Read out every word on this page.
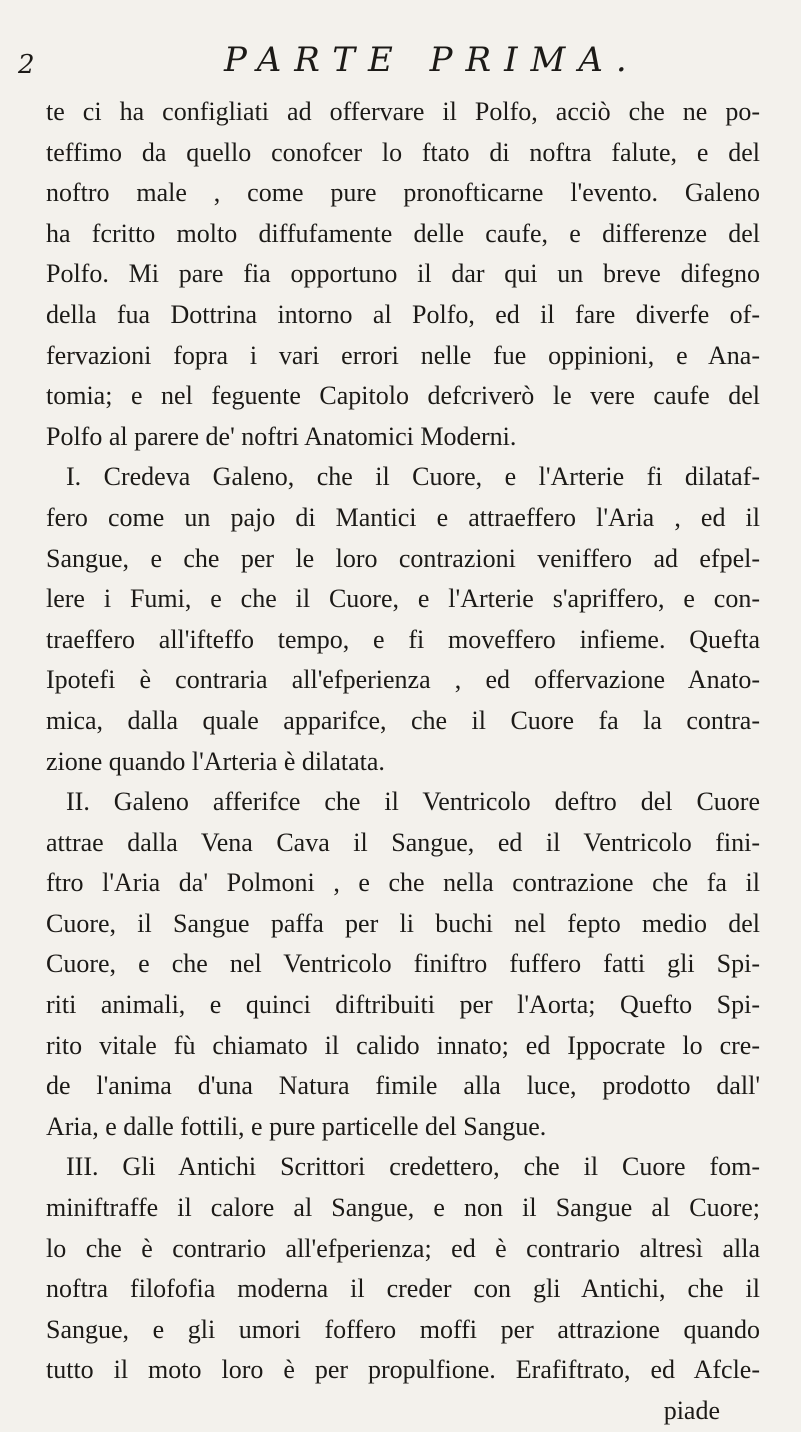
2	PARTE PRIMA.
te ci ha configliati ad offervare il Polfo, acciò che ne po-
teffimo da quello conofcer lo ftato di noftra falute, e del
noftro male , come pure pronofticarne l'evento. Galeno
ha fcritto molto diffufamente delle caufe, e differenze del
Polfo. Mi pare fia opportuno il dar qui un breve difegno
della fua Dottrina intorno al Polfo, ed il fare diverfe of-
fervazioni fopra i vari errori nelle fue oppinioni, e Ana-
tomia; e nel feguente Capitolo defcriverò le vere caufe del
Polfo al parere de' noftri Anatomici Moderni.
I. Credeva Galeno, che il Cuore, e l'Arterie fi dilataf-
fero come un pajo di Mantici e attraeffero l'Aria , ed il
Sangue, e che per le loro contrazioni veniffero ad efpel-
lere i Fumi, e che il Cuore, e l'Arterie s'apriffero, e con-
traeffero all'ifteffo tempo, e fi moveffero infieme. Quefta
Ipotefi è contraria all'efperienza , ed offervazione Anato-
mica, dalla quale apparifce, che il Cuore fa la contra-
zione quando l'Arteria è dilatata.
II. Galeno afferifce che il Ventricolo deftro del Cuore
attrae dalla Vena Cava il Sangue, ed il Ventricolo fini-
ftro l'Aria da' Polmoni , e che nella contrazione che fa il
Cuore, il Sangue paffa per li buchi nel fepto medio del
Cuore, e che nel Ventricolo finiftro fuffero fatti gli Spi-
riti animali, e quinci diftribuiti per l'Aorta; Quefto Spi-
rito vitale fù chiamato il calido innato; ed Ippocrate lo cre-
de l'anima d'una Natura fimile alla luce, prodotto dall'
Aria, e dalle fottili, e pure particelle del Sangue.
III. Gli Antichi Scrittori credettero, che il Cuore fom-
miniftraffe il calore al Sangue, e non il Sangue al Cuore;
lo che è contrario all'efperienza; ed è contrario altresì alla
noftra filofofia moderna il creder con gli Antichi, che il
Sangue, e gli umori foffero moffi per attrazione quando
tutto il moto loro è per propulfione. Erafiftrato, ed Afcle-
piade
